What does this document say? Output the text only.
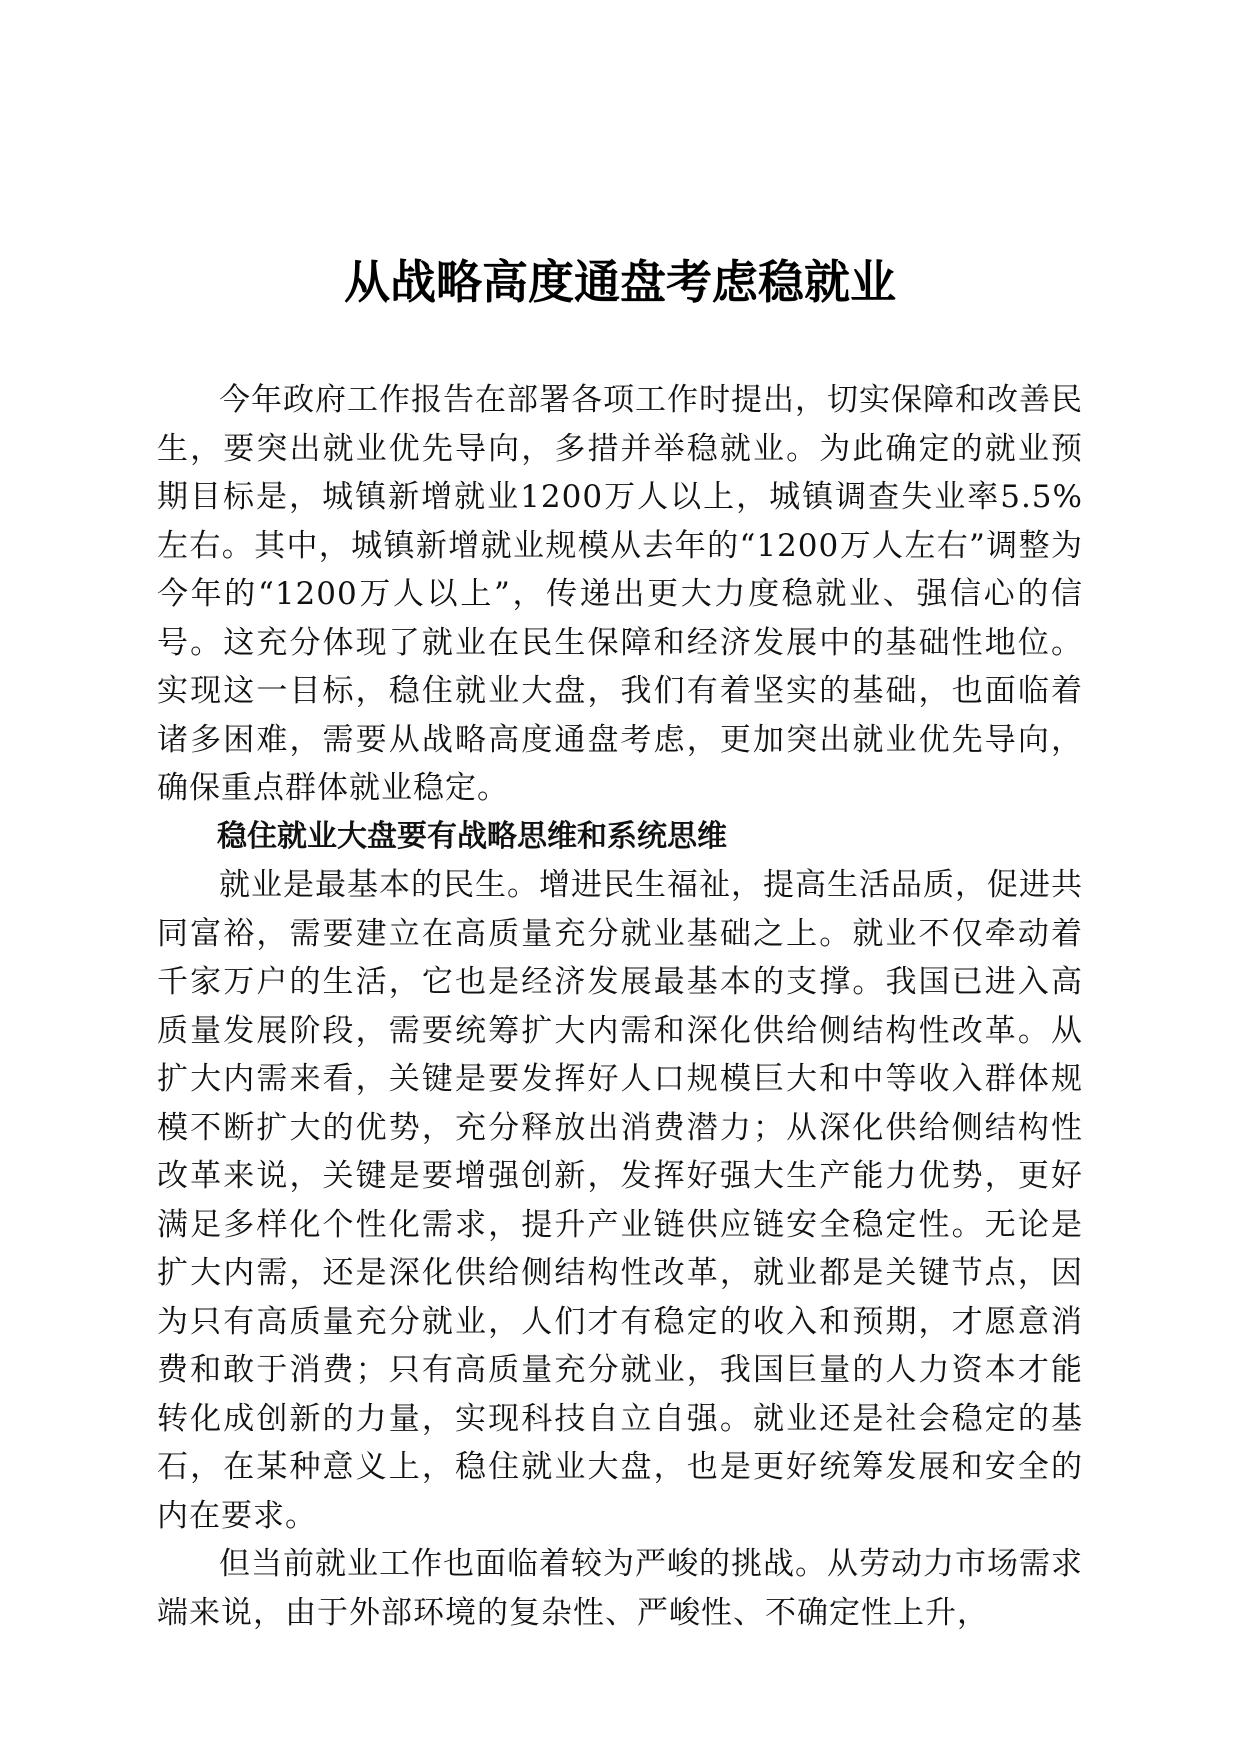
从战略高度通盘考虑稳就业

今年政府工作报告在部署各项工作时提出，切实保障和改善民生，要突出就业优先导向，多措并举稳就业。为此确定的就业预期目标是，城镇新增就业1200万人以上，城镇调查失业率5.5%左右。其中，城镇新增就业规模从去年的“1200万人左右”调整为今年的“1200万人以上”，传递出更大力度稳就业、强信心的信号。这充分体现了就业在民生保障和经济发展中的基础性地位。实现这一目标，稳住就业大盘，我们有着坚实的基础，也面临着诸多困难，需要从战略高度通盘考虑，更加突出就业优先导向，确保重点群体就业稳定。

稳住就业大盘要有战略思维和系统思维

就业是最基本的民生。增进民生福祉，提高生活品质，促进共同富裕，需要建立在高质量充分就业基础之上。就业不仅牵动着千家万户的生活，它也是经济发展最基本的支撑。我国已进入高质量发展阶段，需要统筹扩大内需和深化供给侧结构性改革。从扩大内需来看，关键是要发挥好人口规模巨大和中等收入群体规模不断扩大的优势，充分释放出消费潜力；从深化供给侧结构性改革来说，关键是要增强创新，发挥好强大生产能力优势，更好满足多样化个性化需求，提升产业链供应链安全稳定性。无论是扩大内需，还是深化供给侧结构性改革，就业都是关键节点，因为只有高质量充分就业，人们才有稳定的收入和预期，才愿意消费和敢于消费；只有高质量充分就业，我国巨量的人力资本才能转化成创新的力量，实现科技自立自强。就业还是社会稳定的基石，在某种意义上，稳住就业大盘，也是更好统筹发展和安全的内在要求。

但当前就业工作也面临着较为严峻的挑战。从劳动力市场需求端来说，由于外部环境的复杂性、严峻性、不确定性上升，
